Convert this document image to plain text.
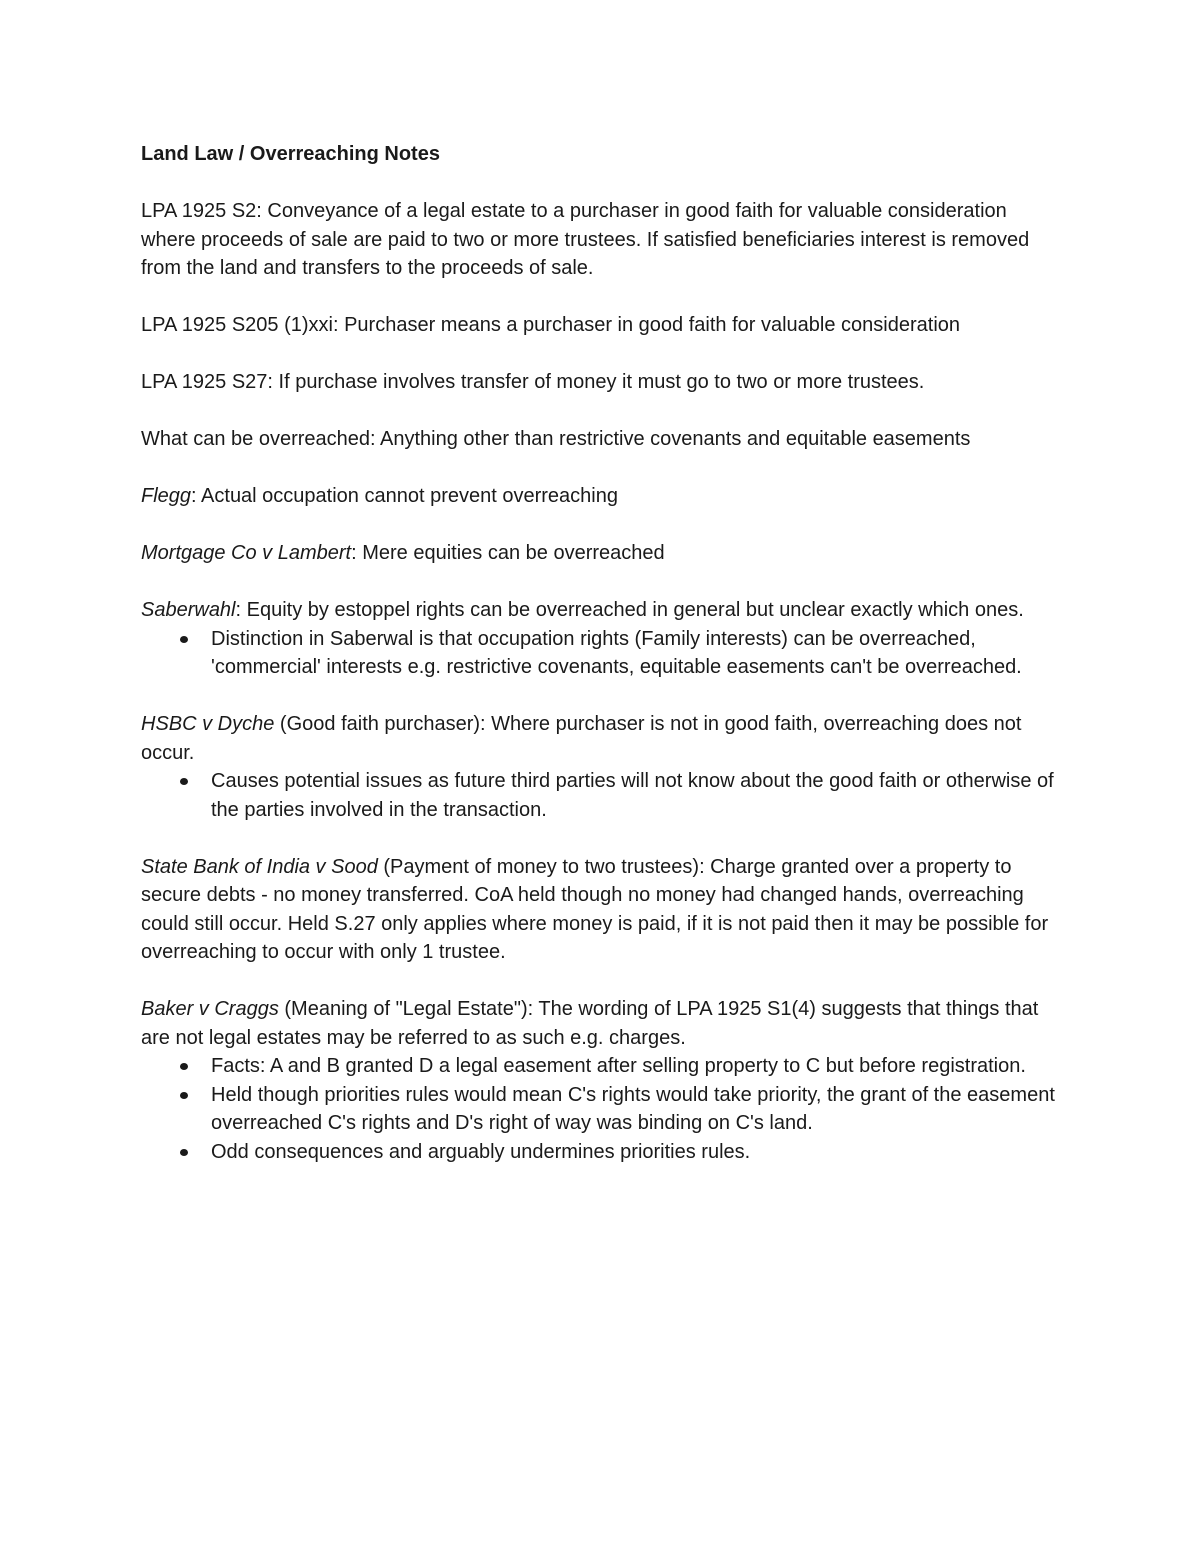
Land Law / Overreaching Notes
LPA 1925 S2: Conveyance of a legal estate to a purchaser in good faith for valuable consideration where proceeds of sale are paid to two or more trustees. If satisfied beneficiaries interest is removed from the land and transfers to the proceeds of sale.
LPA 1925 S205 (1)xxi: Purchaser means a purchaser in good faith for valuable consideration
LPA 1925 S27: If purchase involves transfer of money it must go to two or more trustees.
What can be overreached: Anything other than restrictive covenants and equitable easements
Flegg: Actual occupation cannot prevent overreaching
Mortgage Co v Lambert: Mere equities can be overreached
Saberwahl: Equity by estoppel rights can be overreached in general but unclear exactly which ones.
Distinction in Saberwal is that occupation rights (Family interests) can be overreached, 'commercial' interests e.g. restrictive covenants, equitable easements can't be overreached.
HSBC v Dyche (Good faith purchaser): Where purchaser is not in good faith, overreaching does not occur.
Causes potential issues as future third parties will not know about the good faith or otherwise of the parties involved in the transaction.
State Bank of India v Sood (Payment of money to two trustees): Charge granted over a property to secure debts - no money transferred. CoA held though no money had changed hands, overreaching could still occur. Held S.27 only applies where money is paid, if it is not paid then it may be possible for overreaching to occur with only 1 trustee.
Baker v Craggs (Meaning of "Legal Estate"): The wording of LPA 1925 S1(4) suggests that things that are not legal estates may be referred to as such e.g. charges.
Facts: A and B granted D a legal easement after selling property to C but before registration.
Held though priorities rules would mean C's rights would take priority, the grant of the easement overreached C's rights and D's right of way was binding on C's land.
Odd consequences and arguably undermines priorities rules.
